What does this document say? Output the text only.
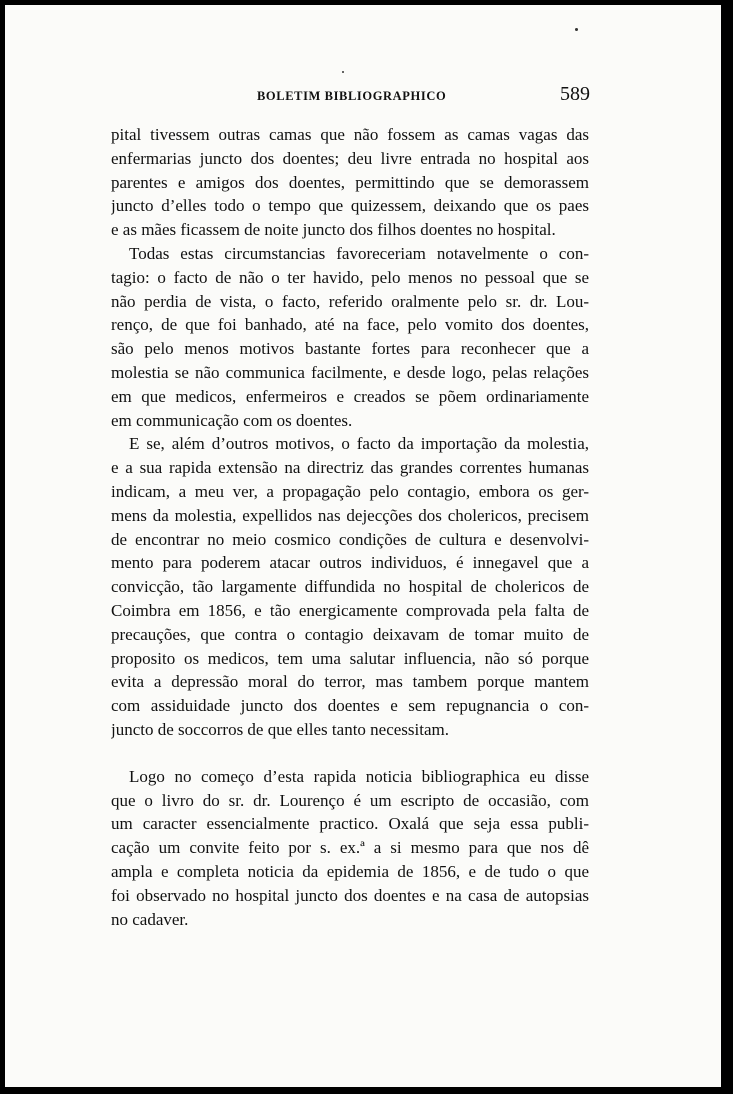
BOLETIM BIBLIOGRAPHICO	589
pital tivessem outras camas que não fossem as camas vagas das
enfermarias juncto dos doentes; deu livre entrada no hospital aos
parentes e amigos dos doentes, permittindo que se demorassem
juncto d’elles todo o tempo que quizessem, deixando que os paes
e as mães ficassem de noite juncto dos filhos doentes no hospital.
Todas estas circumstancias favoreceriam notavelmente o con-
tagio: o facto de não o ter havido, pelo menos no pessoal que se
não perdia de vista, o facto, referido oralmente pelo sr. dr. Lou-
renço, de que foi banhado, até na face, pelo vomito dos doentes,
são pelo menos motivos bastante fortes para reconhecer que a
molestia se não communica facilmente, e desde logo, pelas relações
em que medicos, enfermeiros e creados se põem ordinariamente
em communicação com os doentes.
E se, além d’outros motivos, o facto da importação da molestia,
e a sua rapida extensão na directriz das grandes correntes humanas
indicam, a meu ver, a propagação pelo contagio, embora os ger-
mens da molestia, expellidos nas dejecções dos cholericos, precisem
de encontrar no meio cosmico condições de cultura e desenvolvi-
mento para poderem atacar outros individuos, é innegavel que a
convicção, tão largamente diffundida no hospital de cholericos de
Coimbra em 1856, e tão energicamente comprovada pela falta de
precauções, que contra o contagio deixavam de tomar muito de
proposito os medicos, tem uma salutar influencia, não só porque
evita a depressão moral do terror, mas tambem porque mantem
com assiduidade juncto dos doentes e sem repugnancia o con-
juncto de soccorros de que elles tanto necessitam.
Logo no começo d’esta rapida noticia bibliographica eu disse
que o livro do sr. dr. Lourenço é um escripto de occasião, com
um caracter essencialmente practico. Oxalá que seja essa publi-
cação um convite feito por s. ex.ª a si mesmo para que nos dê
ampla e completa noticia da epidemia de 1856, e de tudo o que
foi observado no hospital juncto dos doentes e na casa de autopsias
no cadaver.
